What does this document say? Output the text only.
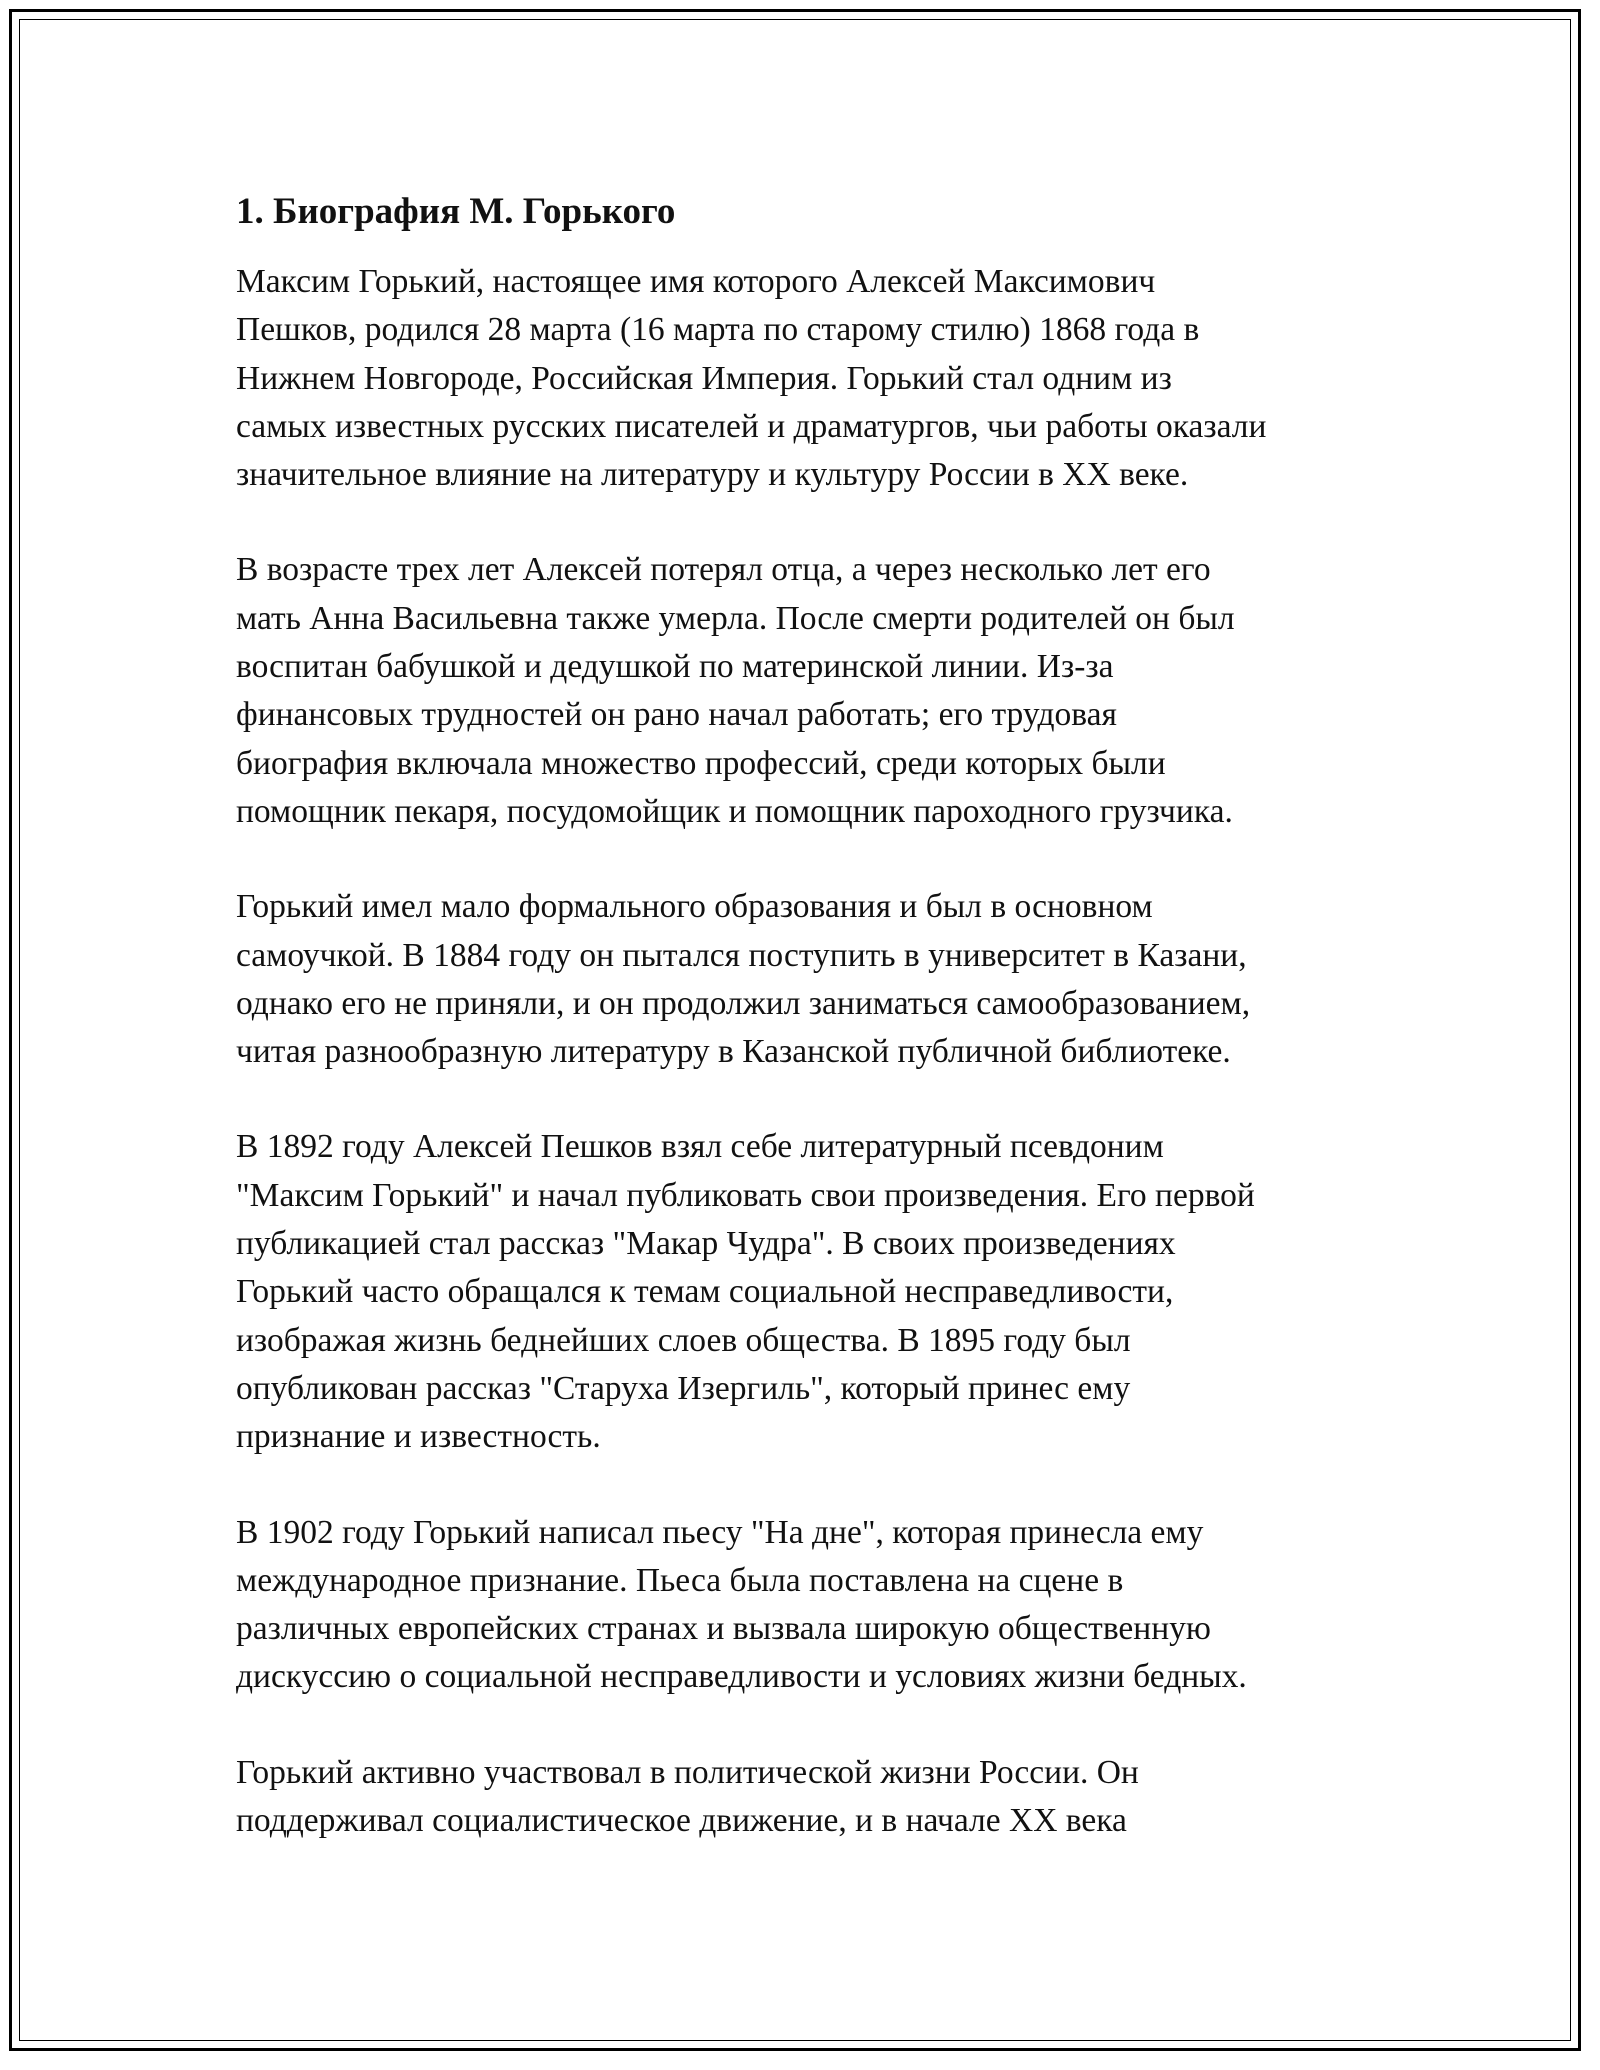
1. Биография М. Горького

Максим Горький, настоящее имя которого Алексей Максимович
Пешков, родился 28 марта (16 марта по старому стилю) 1868 года в
Нижнем Новгороде, Российская Империя. Горький стал одним из
самых известных русских писателей и драматургов, чьи работы оказали
значительное влияние на литературу и культуру России в XX веке.

В возрасте трех лет Алексей потерял отца, а через несколько лет его
мать Анна Васильевна также умерла. После смерти родителей он был
воспитан бабушкой и дедушкой по материнской линии. Из-за
финансовых трудностей он рано начал работать; его трудовая
биография включала множество профессий, среди которых были
помощник пекаря, посудомойщик и помощник пароходного грузчика.

Горький имел мало формального образования и был в основном
самоучкой. В 1884 году он пытался поступить в университет в Казани,
однако его не приняли, и он продолжил заниматься самообразованием,
читая разнообразную литературу в Казанской публичной библиотеке.

В 1892 году Алексей Пешков взял себе литературный псевдоним
"Максим Горький" и начал публиковать свои произведения. Его первой
публикацией стал рассказ "Макар Чудра". В своих произведениях
Горький часто обращался к темам социальной несправедливости,
изображая жизнь беднейших слоев общества. В 1895 году был
опубликован рассказ "Старуха Изергиль", который принес ему
признание и известность.

В 1902 году Горький написал пьесу "На дне", которая принесла ему
международное признание. Пьеса была поставлена на сцене в
различных европейских странах и вызвала широкую общественную
дискуссию о социальной несправедливости и условиях жизни бедных.

Горький активно участвовал в политической жизни России. Он
поддерживал социалистическое движение, и в начале XX века
